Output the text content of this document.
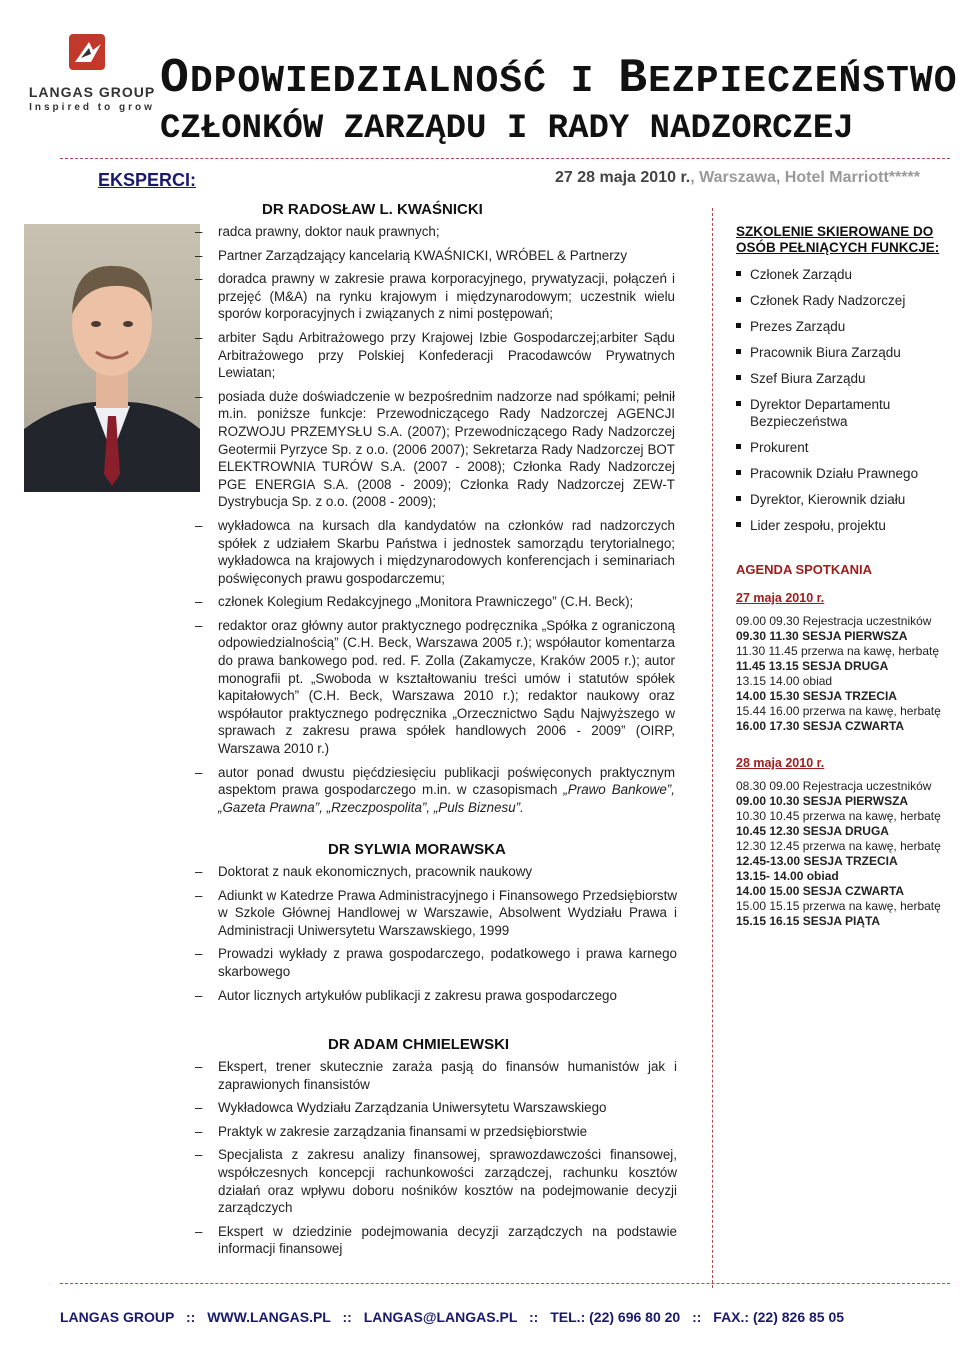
LANGAS GROUP
Inspired to grow
ODPOWIEDZIALNOŚĆ I BEZPIECZEŃSTWO
CZŁONKÓW ZARZĄDU I RADY NADZORCZEJ
EKSPERCI:	27 28 maja 2010 r., Warszawa, Hotel Marriott*****
DR RADOSŁAW L. KWAŚNICKI
– radca prawny, doktor nauk prawnych;
– Partner Zarządzający kancelarią KWAŚNICKI, WRÓBEL & Partnerzy
– doradca prawny w zakresie prawa korporacyjnego, prywatyzacji, połączeń i przejęć (M&A) na rynku krajowym i międzynarodowym; uczestnik wielu sporów korporacyjnych i związanych z nimi postępowań;
– arbiter Sądu Arbitrażowego przy Krajowej Izbie Gospodarczej;arbiter Sądu Arbitrażowego przy Polskiej Konfederacji Pracodawców Prywatnych Lewiatan;
– posiada duże doświadczenie w bezpośrednim nadzorze nad spółkami; pełnił m.in. poniższe funkcje: Przewodniczącego Rady Nadzorczej AGENCJI ROZWOJU PRZEMYSŁU S.A. (2007); Przewodniczącego Rady Nadzorczej Geotermii Pyrzyce Sp. z o.o. (2006 2007); Sekretarza Rady Nadzorczej BOT ELEKTROWNIA TURÓW S.A. (2007 - 2008); Członka Rady Nadzorczej PGE ENERGIA S.A. (2008 - 2009); Członka Rady Nadzorczej ZEW-T Dystrybucja Sp. z o.o. (2008 - 2009);
– wykładowca na kursach dla kandydatów na członków rad nadzorczych spółek z udziałem Skarbu Państwa i jednostek samorządu terytorialnego; wykładowca na krajowych i międzynarodowych konferencjach i seminariach poświęconych prawu gospodarczemu;
– członek Kolegium Redakcyjnego „Monitora Prawniczego” (C.H. Beck);
– redaktor oraz główny autor praktycznego podręcznika „Spółka z ograniczoną odpowiedzialnością” (C.H. Beck, Warszawa 2005 r.); współautor komentarza do prawa bankowego pod. red. F. Zolla (Zakamycze, Kraków 2005 r.); autor monografii pt. „Swoboda w kształtowaniu treści umów i statutów spółek kapitałowych” (C.H. Beck, Warszawa 2010 r.); redaktor naukowy oraz współautor praktycznego podręcznika „Orzecznictwo Sądu Najwyższego w sprawach z zakresu prawa spółek handlowych 2006 - 2009” (OIRP, Warszawa 2010 r.)
– autor ponad dwustu pięćdziesięciu publikacji poświęconych praktycznym aspektom prawa gospodarczego m.in. w czasopismach „Prawo Bankowe”, „Gazeta Prawna”, „Rzeczpospolita”, „Puls Biznesu”.
DR SYLWIA MORAWSKA
– Doktorat z nauk ekonomicznych, pracownik naukowy
– Adiunkt w Katedrze Prawa Administracyjnego i Finansowego Przedsiębiorstw w Szkole Głównej Handlowej w Warszawie, Absolwent Wydziału Prawa i Administracji Uniwersytetu Warszawskiego, 1999
– Prowadzi wykłady z prawa gospodarczego, podatkowego i prawa karnego skarbowego
– Autor licznych artykułów publikacji z zakresu prawa gospodarczego
DR ADAM CHMIELEWSKI
– Ekspert, trener skutecznie zaraża pasją do finansów humanistów jak i zaprawionych finansistów
– Wykładowca Wydziału Zarządzania Uniwersytetu Warszawskiego
– Praktyk w zakresie zarządzania finansami w przedsiębiorstwie
– Specjalista z zakresu analizy finansowej, sprawozdawczości finansowej, współczesnych koncepcji rachunkowości zarządczej, rachunku kosztów działań oraz wpływu doboru nośników kosztów na podejmowanie decyzji zarządczych
– Ekspert w dziedzinie podejmowania decyzji zarządczych na podstawie informacji finansowej
SZKOLENIE SKIEROWANE DO OSÓB PEŁNIĄCYCH FUNKCJE:
Członek Zarządu
Członek Rady Nadzorczej
Prezes Zarządu
Pracownik Biura Zarządu
Szef Biura Zarządu
Dyrektor Departamentu Bezpieczeństwa
Prokurent
Pracownik Działu Prawnego
Dyrektor, Kierownik działu
Lider zespołu, projektu
AGENDA SPOTKANIA
27 maja 2010 r.
09.00 09.30 Rejestracja uczestników
09.30 11.30 SESJA PIERWSZA
11.30 11.45 przerwa na kawę, herbatę
11.45 13.15 SESJA DRUGA
13.15 14.00 obiad
14.00 15.30 SESJA TRZECIA
15.44 16.00 przerwa na kawę, herbatę
16.00 17.30 SESJA CZWARTA
28 maja 2010 r.
08.30 09.00 Rejestracja uczestników
09.00 10.30 SESJA PIERWSZA
10.30 10.45 przerwa na kawę, herbatę
10.45 12.30 SESJA DRUGA
12.30 12.45 przerwa na kawę, herbatę
12.45-13.00 SESJA TRZECIA
13.15- 14.00 obiad
14.00 15.00 SESJA CZWARTA
15.00 15.15 przerwa na kawę, herbatę
15.15 16.15 SESJA PIĄTA
LANGAS GROUP :: WWW.LANGAS.PL :: LANGAS@LANGAS.PL :: TEL.: (22) 696 80 20 :: FAX.: (22) 826 85 05
